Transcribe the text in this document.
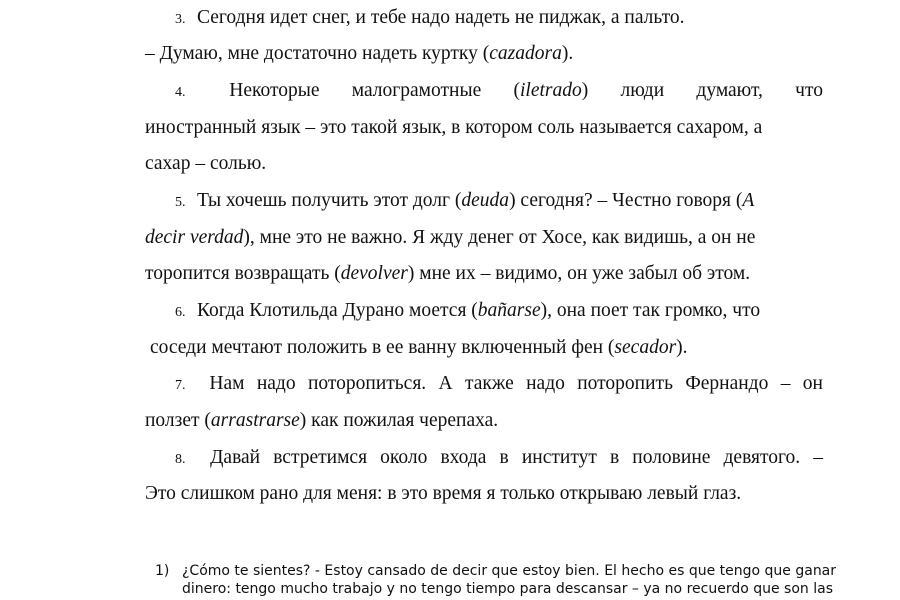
3. Сегодня идет снег, и тебе надо надеть не пиджак, а пальто.
– Думаю, мне достаточно надеть куртку (cazadora).
4. Некоторые малограмотные (iletrado) люди думают, что
иностранный язык – это такой язык, в котором соль называется сахаром, а
сахар – солью.
5. Ты хочешь получить этот долг (deuda) сегодня? – Честно говоря (A
decir verdad), мне это не важно. Я жду денег от Хосе, как видишь, а он не
торопится возвращать (devolver) мне их – видимо, он уже забыл об этом.
6. Когда Клотильда Дурано моется (bañarse), она поет так громко, что
соседи мечтают положить в ее ванну включенный фен (secador).
7. Нам надо поторопиться. А также надо поторопить Фернандо – он
ползет (arrastrarse) как пожилая черепаха.
8. Давай встретимся около входа в институт в половине девятого. –
Это слишком рано для меня: в это время я только открываю левый глаз.
1) ¿Cómo te sientes? - Estoy cansado de decir que estoy bien. El hecho es que tengo que ganar
dinero: tengo mucho trabajo y no tengo tiempo para descansar – ya no recuerdo que son las
